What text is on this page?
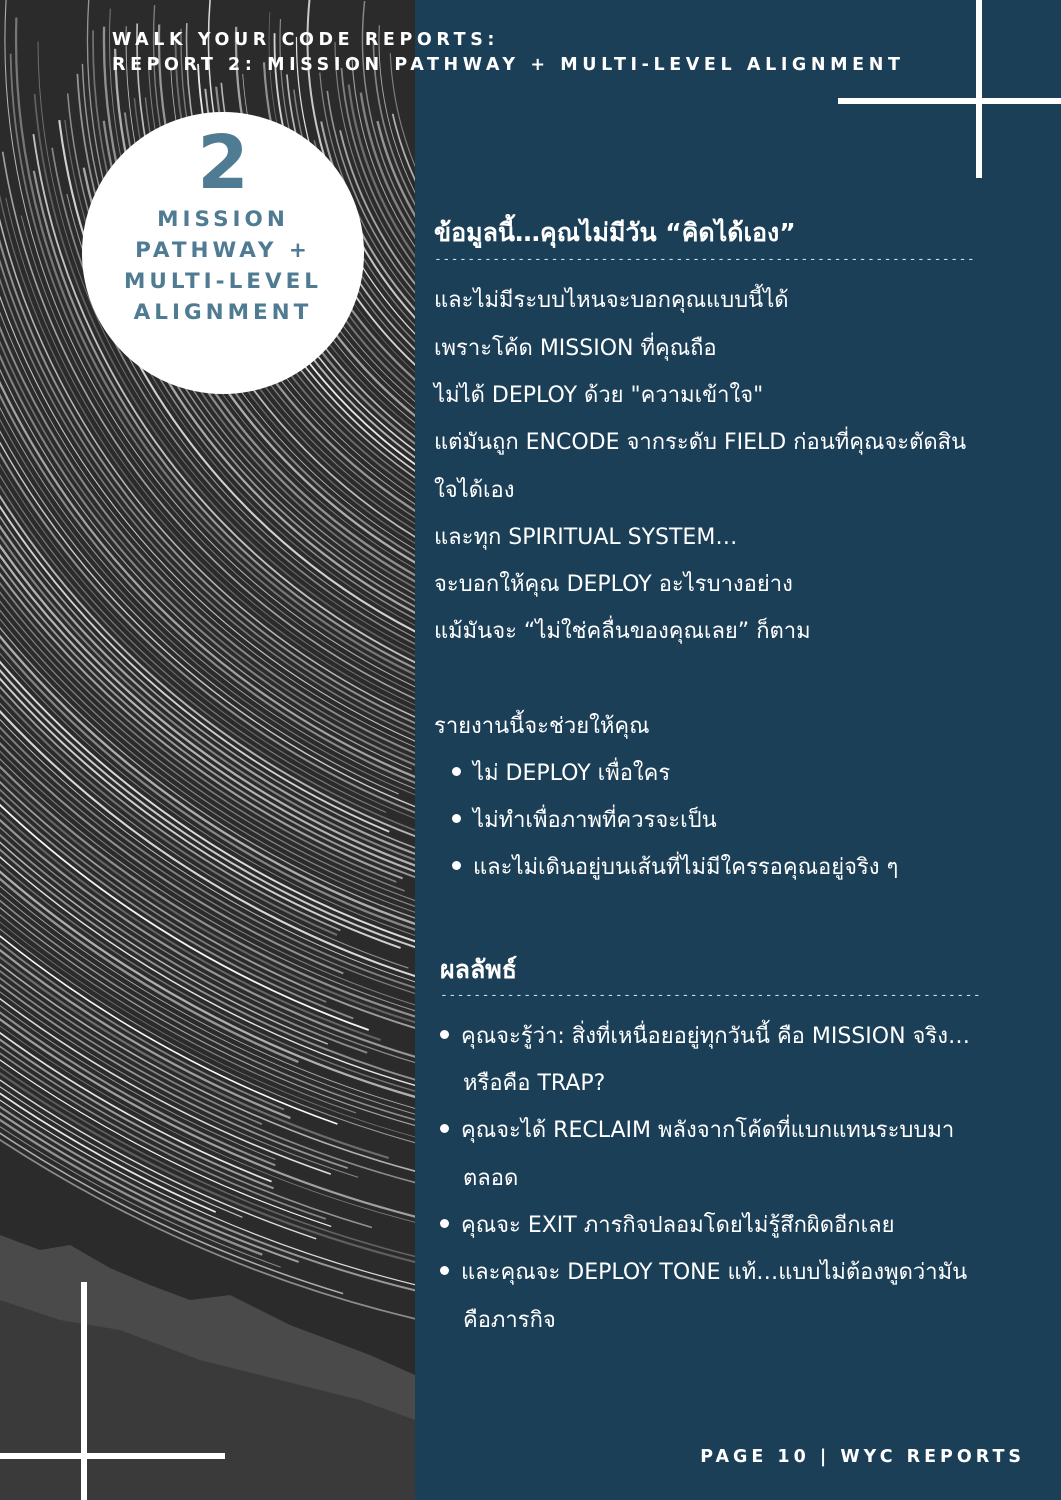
WALK YOUR CODE REPORTS:
REPORT 2: MISSION PATHWAY + MULTI-LEVEL ALIGNMENT
2
MISSION
PATHWAY +
MULTI-LEVEL
ALIGNMENT
ข้อมูลนี้…คุณไม่มีวัน “คิดได้เอง”
-----------------------------------------------------------------
และไม่มีระบบไหนจะบอกคุณแบบนี้ได้
เพราะโค้ด MISSION ที่คุณถือ
ไม่ได้ DEPLOY ด้วย "ความเข้าใจ"
แต่มันถูก ENCODE จากระดับ FIELD ก่อนที่คุณจะตัดสิน
ใจได้เอง
และทุก SPIRITUAL SYSTEM…
จะบอกให้คุณ DEPLOY อะไรบางอย่าง
แม้มันจะ “ไม่ใช่คลื่นของคุณเลย” ก็ตาม
รายงานนี้จะช่วยให้คุณ
ไม่ DEPLOY เพื่อใคร
ไม่ทำเพื่อภาพที่ควรจะเป็น
และไม่เดินอยู่บนเส้นที่ไม่มีใครรอคุณอยู่จริง ๆ
ผลลัพธ์
-----------------------------------------------------------------
คุณจะรู้ว่า: สิ่งที่เหนื่อยอยู่ทุกวันนี้ คือ MISSION จริง…
หรือคือ TRAP?
คุณจะได้ RECLAIM พลังจากโค้ดที่แบกแทนระบบมา
ตลอด
คุณจะ EXIT ภารกิจปลอมโดยไม่รู้สึกผิดอีกเลย
และคุณจะ DEPLOY TONE แท้…แบบไม่ต้องพูดว่ามัน
คือภารกิจ
PAGE 10 | WYC REPORTS
